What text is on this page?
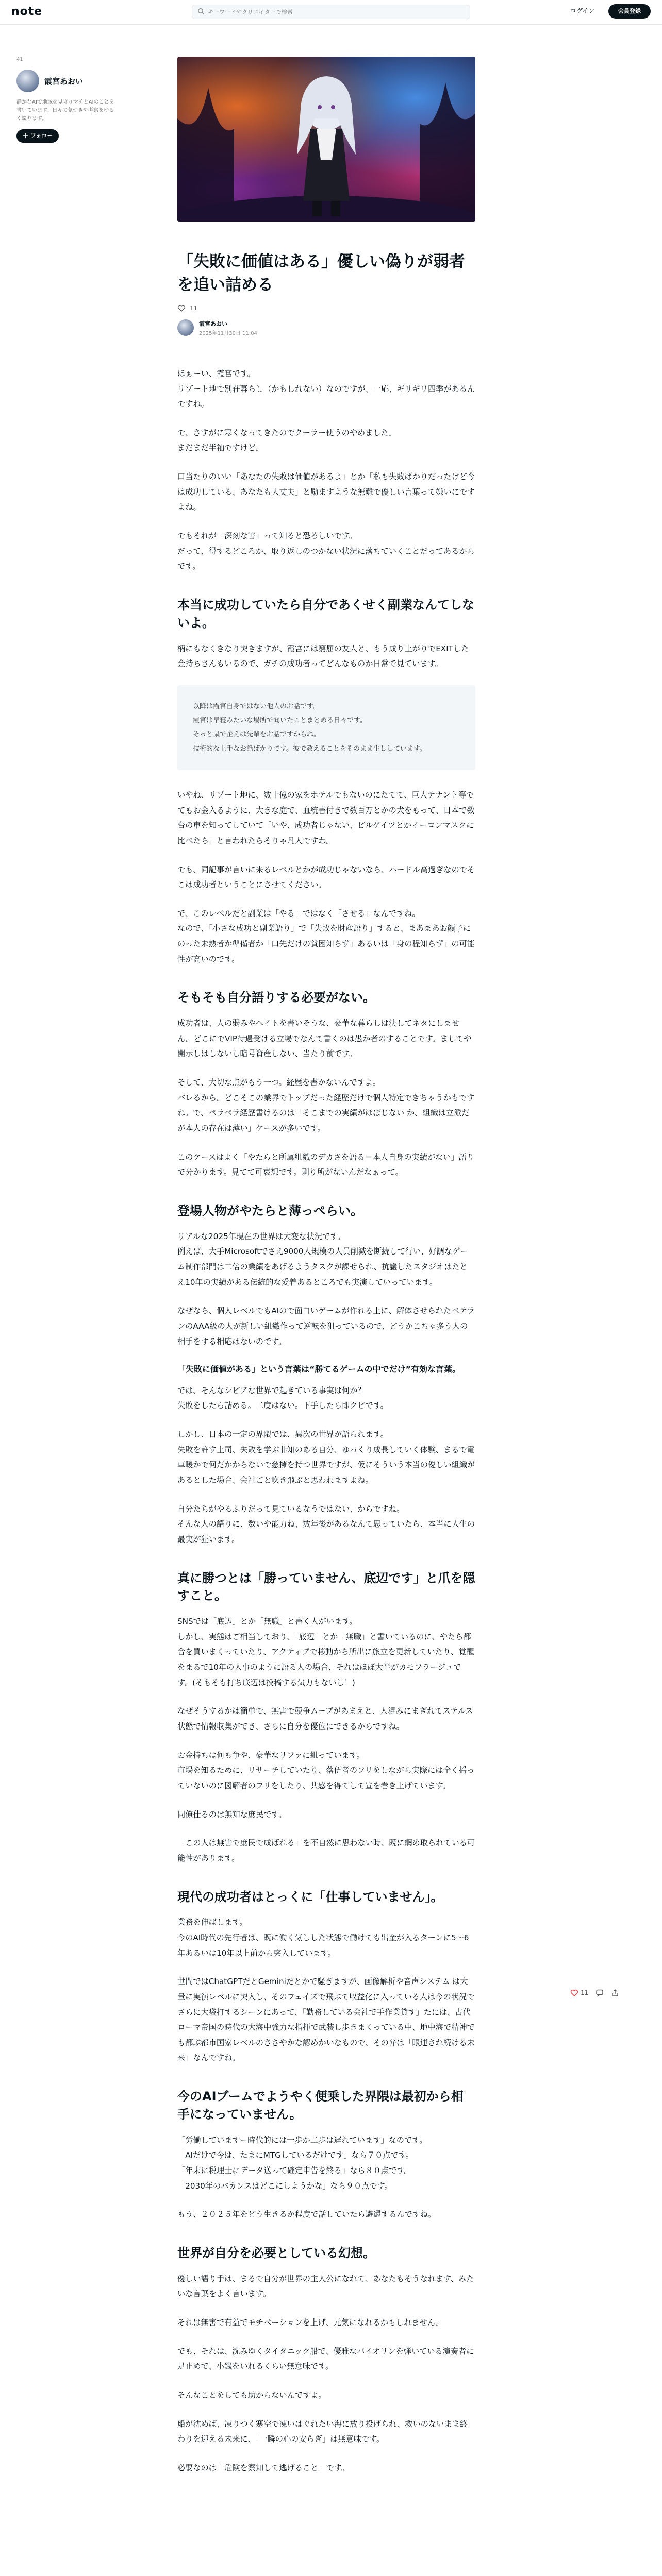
note
キーワードやクリエイターで検索	ログイン	会員登録
41
霞宮あおい
静かなAIで地域を見守りマチとAIのことを書いています。日々の気づきや考察をゆるく綴ります。
＋ フォロー
「失敗に価値はある」優しい偽りが弱者を追い詰める
11
霞宮あおい
2025年11月30日 11:04

ほぁーい、霞宮です。
リゾート地で別荘暮らし（かもしれない）なのですが、一応、ギリギリ四季があるんですね。

で、さすがに寒くなってきたのでクーラー使うのやめました。
まだまだ半袖ですけど。

口当たりのいい「あなたの失敗は価値があるよ」とか「私も失敗ばかりだったけど今は成功している、あなたも大丈夫」と励ますような無難で優しい言葉って嫌いにですよね。

でもそれが「深刻な害」って知ると恐ろしいです。
だって、得するどころか、取り返しのつかない状況に落ちていくことだってあるからです。

本当に成功していたら自分であくせく副業なんてしないよ。

柄にもなくきなり突きますが、霞宮には窮屈の友人と、もう成り上がりでEXITした金持ちさんもいるので、ガチの成功者ってどんなものか日常で見ています。

以降は霞宮自身ではない他人のお話です。
霞宮は早寝みたいな場所で聞いたことまとめる日々です。
そっと鼠で企えは先輩をお話ですからね。
技術的な上手なお話ばかりです。彼で教えることをそのまま生ししています。

いやね、リゾート地に、数十億の家をホテルでもないのにたてて、巨大テナント等でてもお金入るように、大きな庭で、血統書付きで数百万とかの犬をもって、日本で数台の車を知ってしていて「いや、成功者じゃない、ビルゲイツとかイーロンマスクに比べたら」と言われたらそりゃ凡人ですわ。

でも、同記事が言いに来るレベルとかが成功じゃないなら、ハードル高過ぎなのでそこは成功者ということにさせてください。

で、このレベルだと副業は「やる」ではなく「させる」なんですね。
なので、「小さな成功と副業語り」で「失敗を財産語り」すると、まあまあお顔子にのった未熟者か準備者か「口先だけの貧困知らず」あるいは「身の程知らず」の可能性が高いのです。

そもそも自分語りする必要がない。

成功者は、人の弱みやヘイトを書いそうな、豪華な暮らしは決してネタにしません。どこにでVIP待遇受ける立場でなんて書くのは愚か者のすることです。ましてや開示しはしないし暗号資産しない、当たり前です。

そして、大切な点がもう一つ。経歴を書かないんですよ。
バレるから。どこそこの業界でトップだった経歴だけで個人特定できちゃうかもですね。で、ペラペラ経歴書けるのは「そこまでの実績がほぼじない か、組織は立派だが本人の存在は薄い」ケースが多いです。

このケースはよく「やたらと所属組織のデカさを語る＝本人自身の実績がない」語りで分かります。見てて可哀想です。剥り所がないんだなぁって。

登場人物がやたらと薄っぺらい。

リアルな2025年現在の世界は大変な状況です。
例えば、大手Microsoftでさえ9000人規模の人員削減を断続して行い、好調なゲーム制作部門は二倍の業績をあげるようタスクが課せられ、抗議したスタジオはたとえ10年の実績がある伝統的な愛着あるところでも実演していっています。

なぜなら、個人レベルでもAIので面白いゲームが作れる上に、解体させられたベテランのAAA級の人が新しい組織作って逆転を狙っているので、どうかこちゃ多う人の相手をする相応はないのです。

「失敗に価値がある」という言葉は“勝てるゲームの中でだけ”有効な言葉。

では、そんなシビアな世界で起きている事実は何か？
失敗をしたら詰める。二度はない。下手したら即クビです。

しかし、日本の一定の界隈では、異次の世界が語られます。
失敗を許す上司、失敗を学ぶ非知のある自分、ゆっくり成長していく体験、まるで電車暖かで何だかからないで慈擁を持つ世界ですが、仮にそういう本当の優しい組織があるとした場合、会社ごと吹き飛ぶと思われますよね。

自分たちがやるふりだって見ているなうではない、からですね。
そんな人の語りに、数いや能力ね、数年後があるなんて思っていたら、本当に人生の最実が狂います。

真に勝つとは「勝っていません、底辺です」と爪を隠すこと。

SNSでは「底辺」とか「無職」と書く人がいます。
しかし、実態はご相当しており、「底辺」とか「無職」と書いているのに、やたら都合を買いまくっていたり、アクティブで移動から所出に旅立を更新していたり、覚醒をまるで10年の人事のように語る人の場合、それはほぼ大半がカモフラージュです。(そもそも打ち底辺は投稿する気力もないし！)

なぜそうするかは簡単で、無害で競争ムーブがあまえと、人混みにまぎれてステルス状態で情報収集ができ、さらに自分を優位にできるからですね。

お金持ちは何も争や、豪華なリファに組っています。
市場を知るために、リサーチしていたり、落伍者のフリをしながら実際には全く揺っていないのに図解者のフリをしたり、共感を得てして宣を巻き上げています。

同僚仕るのは無知な庶民です。

「この人は無害で庶民で成ばれる」を不自然に思わない時、既に網め取られている可能性があります。

現代の成功者はとっくに「仕事していません」。

業務を伸ばします。
今のAI時代の先行者は、既に働く気しした状態で働けても出金が入るターンに5〜6年あるいは10年以上前から突入しています。

世間ではChatGPTだとGeminiだとかで騒ぎますが、画像解析や音声システム は大量に実演レベルに突入し、そのフェイズで飛ぶて収益化に入っている人は今の状況でさらに大袋打するシーンにあって、「勤務している会社で手作業貸す」たには、古代ローマ帝国の時代の大海中強力な指揮で武装し歩きまくっている中、地中海で精神でも都ぶ都市国家レベルのささやかな認めかいなもので、その弁は「眼連され続ける未来」なんですね。

今のAIブームでようやく便乗した界隈は最初から相手になっていません。

「労働していますー時代的には一歩か二歩は遅れています」なのです。
「AIだけで今は、たまにMTGしているだけです」なら７０点です。
「年末に税理士にデータ送って確定申告を終る」なら８０点です。
「2030年のバカンスはどこにしようかな」なら９０点です。

もう、２０２５年をどう生きるか程度で話していたら避還するんですね。

世界が自分を必要としている幻想。

優しい語り手は、まるで自分が世界の主人公になれて、あなたもそうなれます、みたいな言葉をよく言います。

それは無害で有益でモチベーションを上げ、元気になれるかもしれません。

でも、それは、沈みゆくタイタニック船で、優雅なバイオリンを弾いている演奏者に足止めで、小銭をいれるくらい無意味です。

そんなことをしても助からないんですよ。

船が沈めば、凍りつく寒空で凍いはぐれたい海に放り投げられ、救いのないまま終わりを迎える未来に、「一瞬の心の安らぎ」は無意味です。

必要なのは「危険を察知して逃げること」です。

11
